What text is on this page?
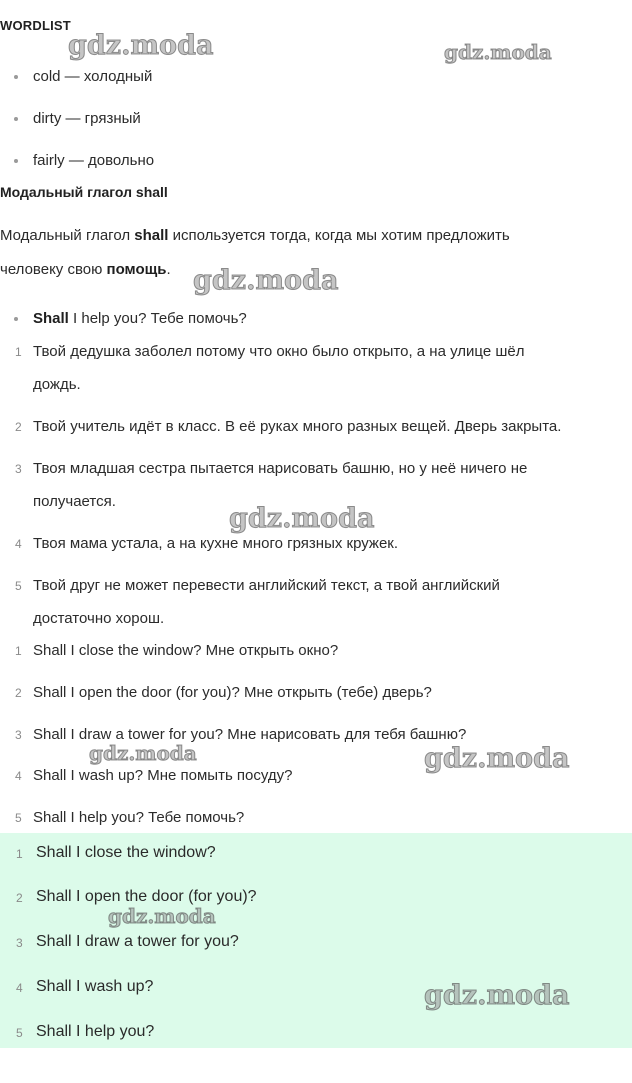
WORDLIST
cold — холодный
dirty — грязный
fairly — довольно
Модальный глагол shall
Модальный глагол shall используется тогда, когда мы хотим предложить
человеку свою помощь.
Shall I help you? Тебе помочь?
1 Твой дедушка заболел потому что окно было открыто, а на улице шёл
дождь.
2 Твой учитель идёт в класс. В её руках много разных вещей. Дверь закрыта.
3 Твоя младшая сестра пытается нарисовать башню, но у неё ничего не
получается.
4 Твоя мама устала, а на кухне много грязных кружек.
5 Твой друг не может перевести английский текст, а твой английский
достаточно хорош.
1 Shall I close the window? Мне открыть окно?
2 Shall I open the door (for you)? Мне открыть (тебе) дверь?
3 Shall I draw a tower for you? Мне нарисовать для тебя башню?
4 Shall I wash up? Мне помыть посуду?
5 Shall I help you? Тебе помочь?
1 Shall I close the window?
2 Shall I open the door (for you)?
3 Shall I draw a tower for you?
4 Shall I wash up?
5 Shall I help you?
gdz.moda	gdz.moda
gdz.moda
gdz.moda
gdz.moda	gdz.moda
gdz.moda
gdz.moda
